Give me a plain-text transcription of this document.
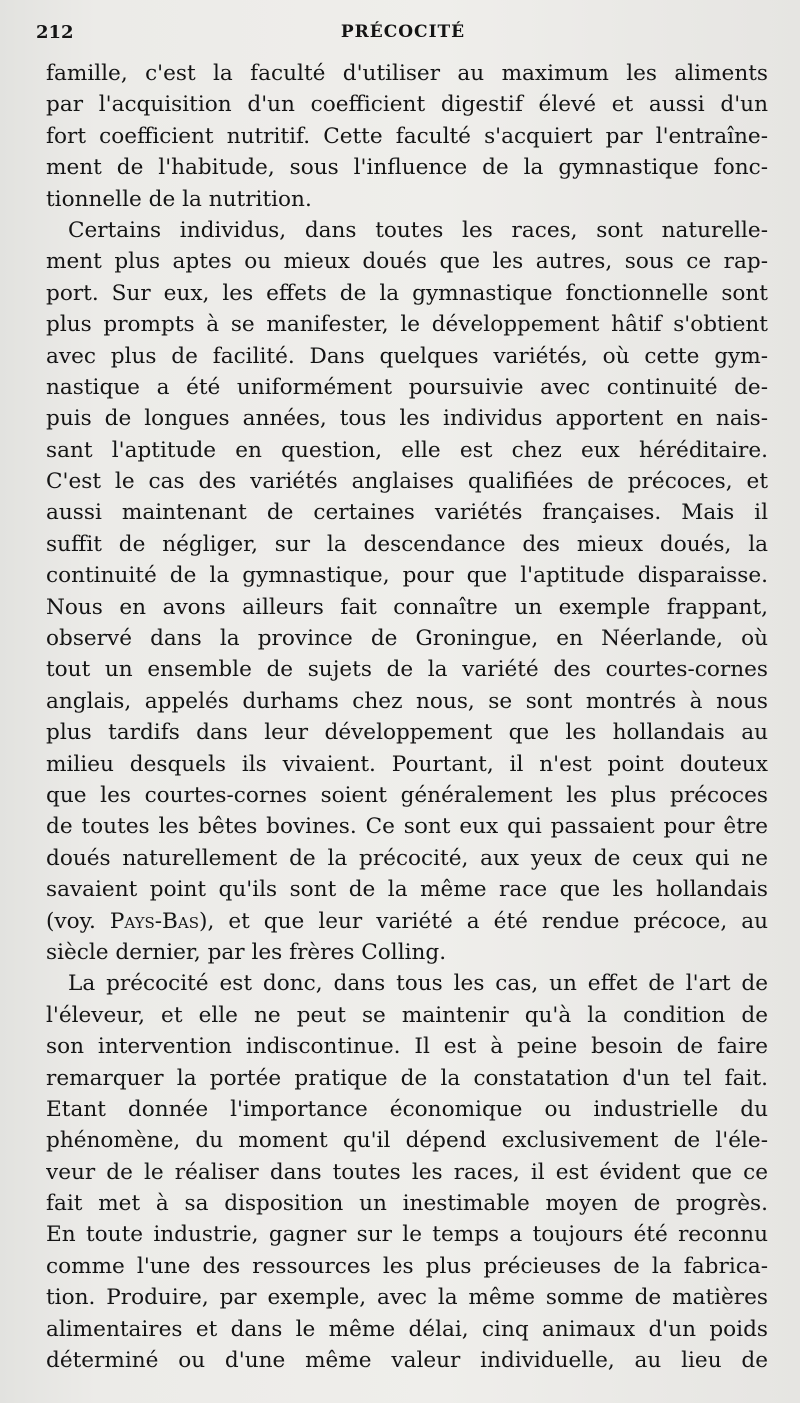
212	PRÉCOCITÉ
famille, c'est la faculté d'utiliser au maximum les aliments
par l'acquisition d'un coefficient digestif élevé et aussi d'un
fort coefficient nutritif. Cette faculté s'acquiert par l'entraîne-
ment de l'habitude, sous l'influence de la gymnastique fonc-
tionnelle de la nutrition.
Certains individus, dans toutes les races, sont naturelle-
ment plus aptes ou mieux doués que les autres, sous ce rap-
port. Sur eux, les effets de la gymnastique fonctionnelle sont
plus prompts à se manifester, le développement hâtif s'obtient
avec plus de facilité. Dans quelques variétés, où cette gym-
nastique a été uniformément poursuivie avec continuité de-
puis de longues années, tous les individus apportent en nais-
sant l'aptitude en question, elle est chez eux héréditaire.
C'est le cas des variétés anglaises qualifiées de précoces, et
aussi maintenant de certaines variétés françaises. Mais il
suffit de négliger, sur la descendance des mieux doués, la
continuité de la gymnastique, pour que l'aptitude disparaisse.
Nous en avons ailleurs fait connaître un exemple frappant,
observé dans la province de Groningue, en Néerlande, où
tout un ensemble de sujets de la variété des courtes-cornes
anglais, appelés durhams chez nous, se sont montrés à nous
plus tardifs dans leur développement que les hollandais au
milieu desquels ils vivaient. Pourtant, il n'est point douteux
que les courtes-cornes soient généralement les plus précoces
de toutes les bêtes bovines. Ce sont eux qui passaient pour être
doués naturellement de la précocité, aux yeux de ceux qui ne
savaient point qu'ils sont de la même race que les hollandais
(voy. Pays-Bas), et que leur variété a été rendue précoce, au
siècle dernier, par les frères Colling.
La précocité est donc, dans tous les cas, un effet de l'art de
l'éleveur, et elle ne peut se maintenir qu'à la condition de
son intervention indiscontinue. Il est à peine besoin de faire
remarquer la portée pratique de la constatation d'un tel fait.
Etant donnée l'importance économique ou industrielle du
phénomène, du moment qu'il dépend exclusivement de l'éle-
veur de le réaliser dans toutes les races, il est évident que ce
fait met à sa disposition un inestimable moyen de progrès.
En toute industrie, gagner sur le temps a toujours été reconnu
comme l'une des ressources les plus précieuses de la fabrica-
tion. Produire, par exemple, avec la même somme de matières
alimentaires et dans le même délai, cinq animaux d'un poids
déterminé ou d'une même valeur individuelle, au lieu de
